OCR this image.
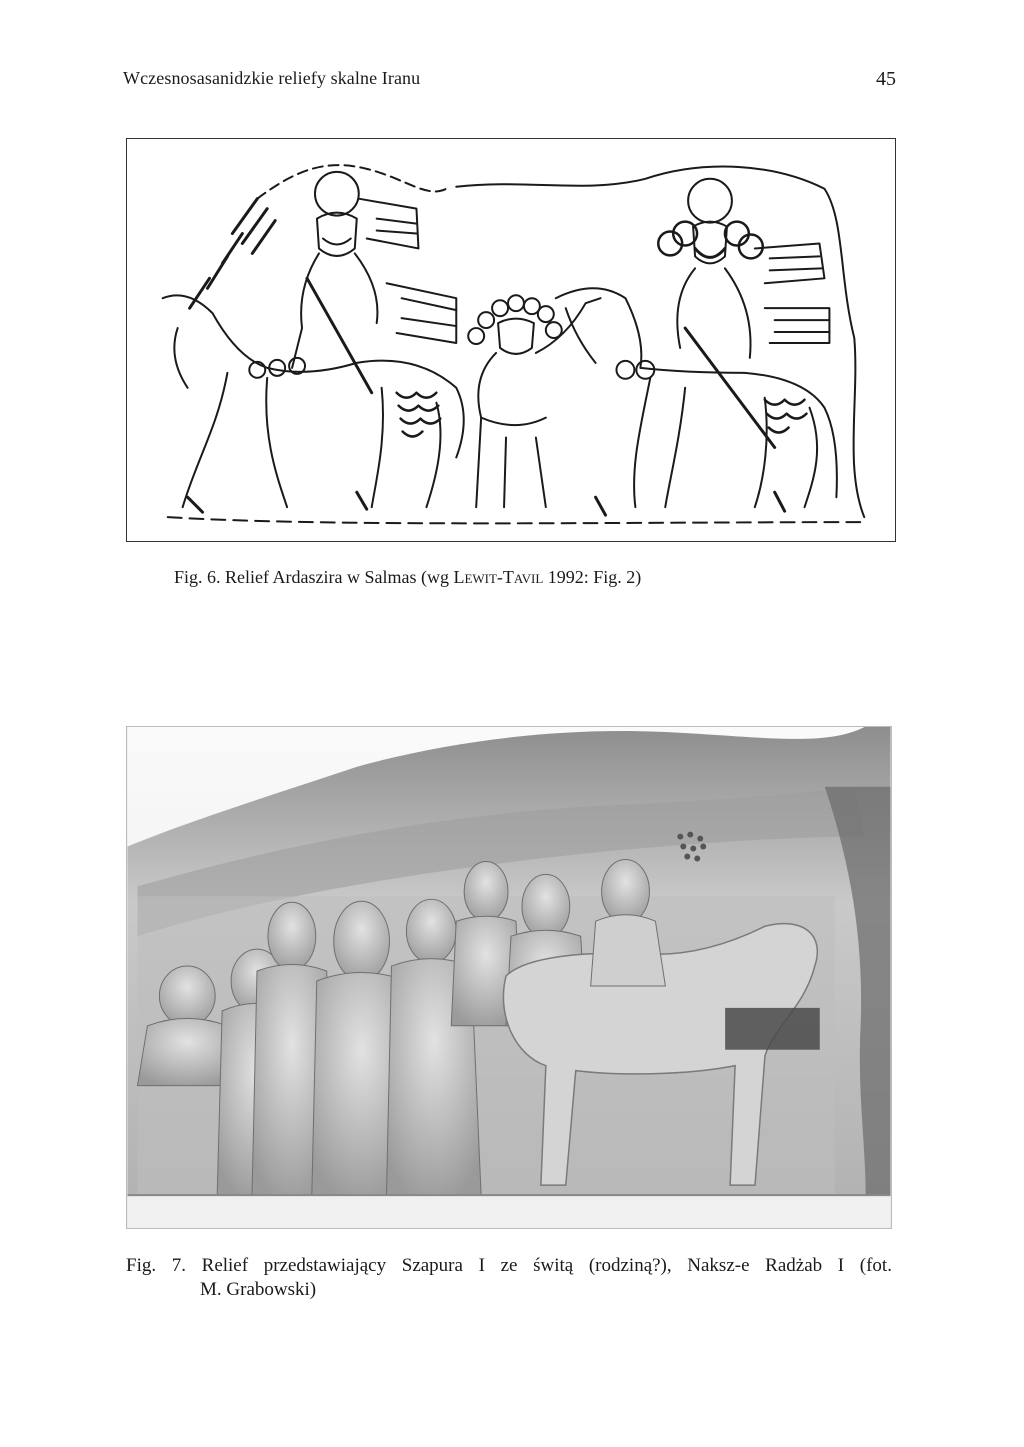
Wczesnosasanidzkie reliefy skalne Iranu	45
Fig. 6. Relief Ardaszira w Salmas (wg Lewit-Tavil 1992: Fig. 2)
Fig. 7. Relief przedstawiający Szapura I ze świtą (rodziną?), Naksz-e Radżab I (fot.
M. Grabowski)
